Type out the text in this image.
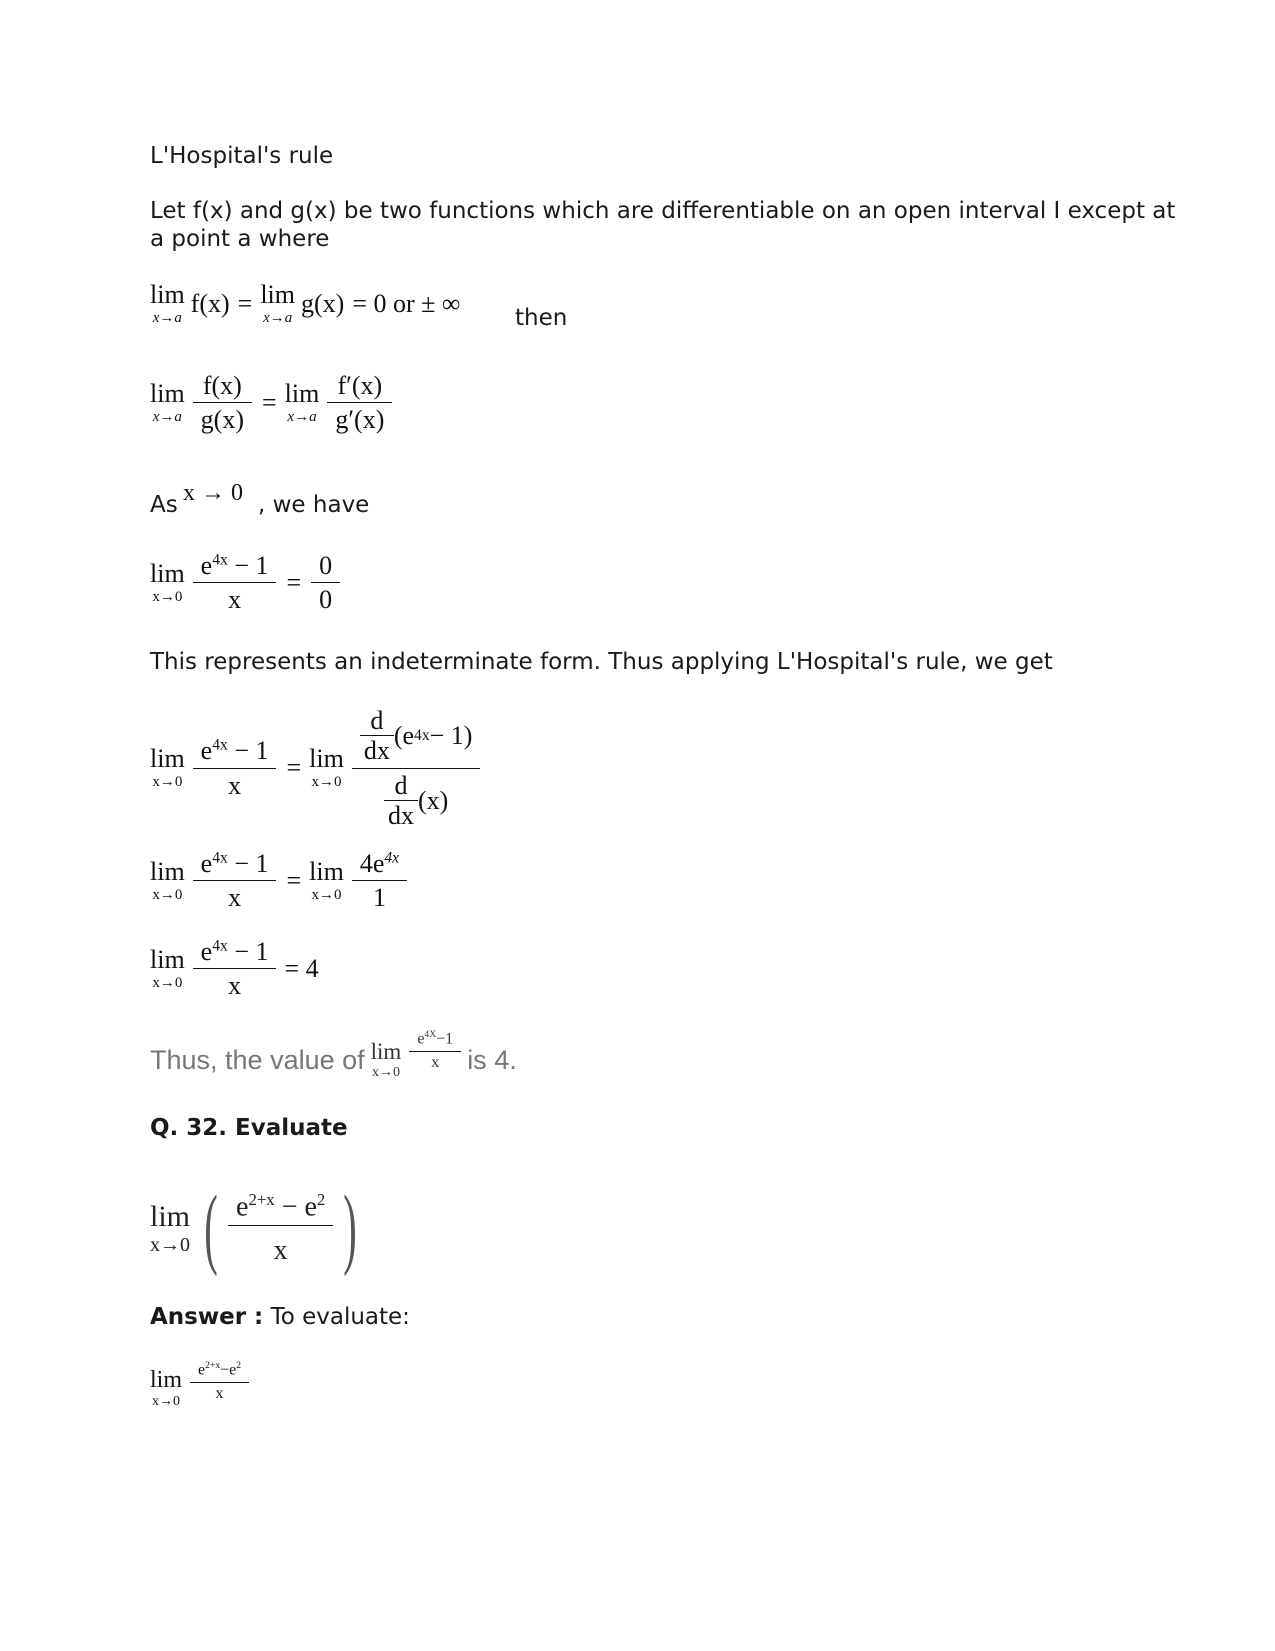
L'Hospital's rule
Let f(x) and g(x) be two functions which are differentiable on an open interval I except at
a point a where
lim
x→a f(x) = lim
x→a g(x) = 0 or ± ∞ then
lim
$x\to a \frac{f(x)}{g(x)} = \lim$
$x\to a \frac{f'(x)}{g'(x)}$
As x → 0 , we have
lim
$x\to 0 \frac{e^{4x} - 1}{x} = \frac{0}{0}$
This represents an indeterminate form. Thus applying L'Hospital's rule, we get
lim
$x\to 0 \frac{e^{4x} - 1}{x} = \lim$
$x\to 0 \frac{\frac{d}{dx} (e 4x - 1)}{\frac{d}{dx} (x)}$
lim
$x\to 0 \frac{e^{4x} - 1}{x} = \lim$
$x\to 0 \frac{4e^{4x}}{1}$
lim
$x\to 0 \frac{e^{4x} - 1}{x} = 4$
Thus, the value of lim
x→0
$\frac{e^{4X}-1}{x}$ is 4.
Q. 32. Evaluate
lim
x→0 ( $\frac{e^{2+x} - e^2}{x}$ )
Answer : To evaluate:
lim
$x\to 0 \frac{e^{2+x}-e^2}{x}$
